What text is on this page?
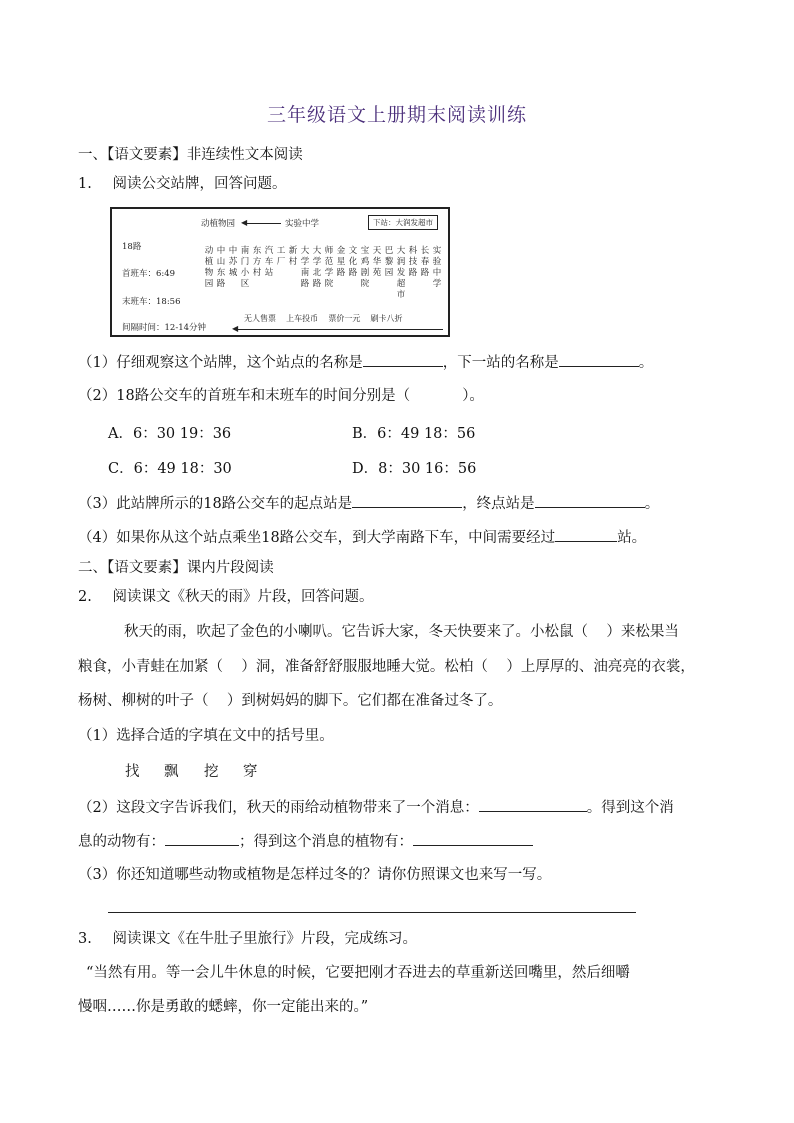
三年级语文上册期末阅读训练
一、【语文要素】非连续性文本阅读
1. 阅读公交站牌，回答问题。
动植物园 ◀	实验中学	下站：大润发超市
18路
首班车：6:49
末班车：18:56
动植物园
中山东路
中苏城
南门小区
东方村
汽车站
工厂
新村
大学南路
大学北路
师范学院
金星路
文化路
宝鸡剧院
天华苑
巴黎园
大润发超市
科技路
长春路
实验中学
间隔时间：12-14分钟	◀
无人售票    上车投币    票价一元    刷卡八折
（1）仔细观察这个站牌，这个站点的名称是	，下一站的名称是	。
（2）18路公交车的首班车和末班车的时间分别是（	）。
A．6：30 19：36	B．6：49 18：56
C．6：49 18：30	D．8：30 16：56
（3）此站牌所示的18路公交车的起点站是	，终点站是	。
（4）如果你从这个站点乘坐18路公交车，到大学南路下车，中间需要经过	站。
二、【语文要素】课内片段阅读
2. 阅读课文《秋天的雨》片段，回答问题。
秋天的雨，吹起了金色的小喇叭。它告诉大家，冬天快要来了。小松鼠（    ）来松果当
粮食，小青蛙在加紧（    ）洞，准备舒舒服服地睡大觉。松柏（    ）上厚厚的、油亮亮的衣裳，
杨树、柳树的叶子（    ）到树妈妈的脚下。它们都在准备过冬了。
（1）选择合适的字填在文中的括号里。
找 飘 挖 穿
（2）这段文字告诉我们，秋天的雨给动植物带来了一个消息：	。得到这个消
息的动物有：	；得到这个消息的植物有：
（3）你还知道哪些动物或植物是怎样过冬的？请你仿照课文也来写一写。
3. 阅读课文《在牛肚子里旅行》片段，完成练习。
“当然有用。等一会儿牛休息的时候，它要把刚才吞进去的草重新送回嘴里，然后细嚼
慢咽……你是勇敢的蟋蟀，你一定能出来的。”
